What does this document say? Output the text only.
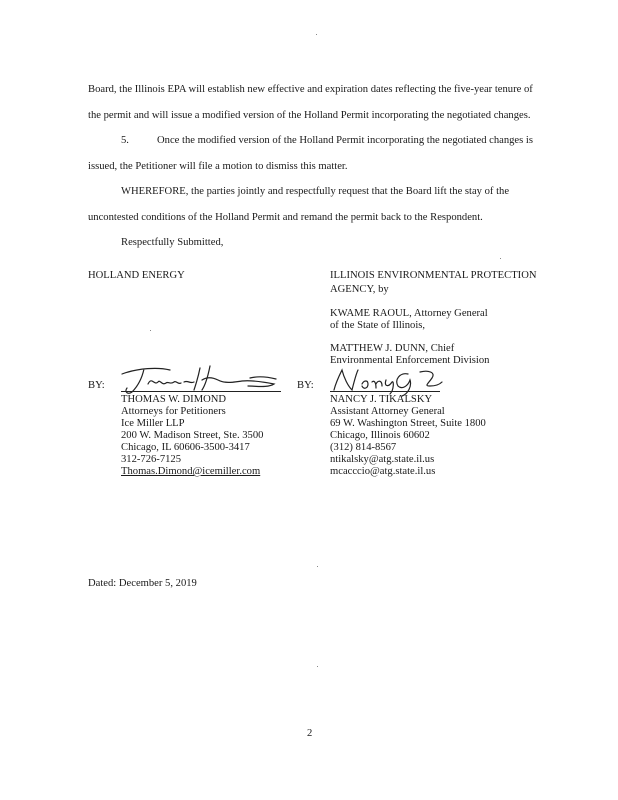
Board, the Illinois EPA will establish new effective and expiration dates reflecting the five-year tenure of
the permit and will issue a modified version of the Holland Permit incorporating the negotiated changes.
5.	Once the modified version of the Holland Permit incorporating the negotiated changes is
issued, the Petitioner will file a motion to dismiss this matter.
WHEREFORE, the parties jointly and respectfully request that the Board lift the stay of the
uncontested conditions of the Holland Permit and remand the permit back to the Respondent.
Respectfully Submitted,
HOLLAND ENERGY	ILLINOIS ENVIRONMENTAL PROTECTION
AGENCY, by
KWAME RAOUL, Attorney General
of the State of Illinois,
MATTHEW J. DUNN, Chief
Environmental Enforcement Division
BY:
THOMAS W. DIMOND
Attorneys for Petitioners
Ice Miller LLP
200 W. Madison Street, Ste. 3500
Chicago, IL 60606-3500-3417
312-726-7125
Thomas.Dimond@icemiller.com
BY:
NANCY J. TIKALSKY
Assistant Attorney General
69 W. Washington Street, Suite 1800
Chicago, Illinois 60602
(312) 814-8567
ntikalsky@atg.state.il.us
mcacccio@atg.state.il.us
Dated: December 5, 2019
2
